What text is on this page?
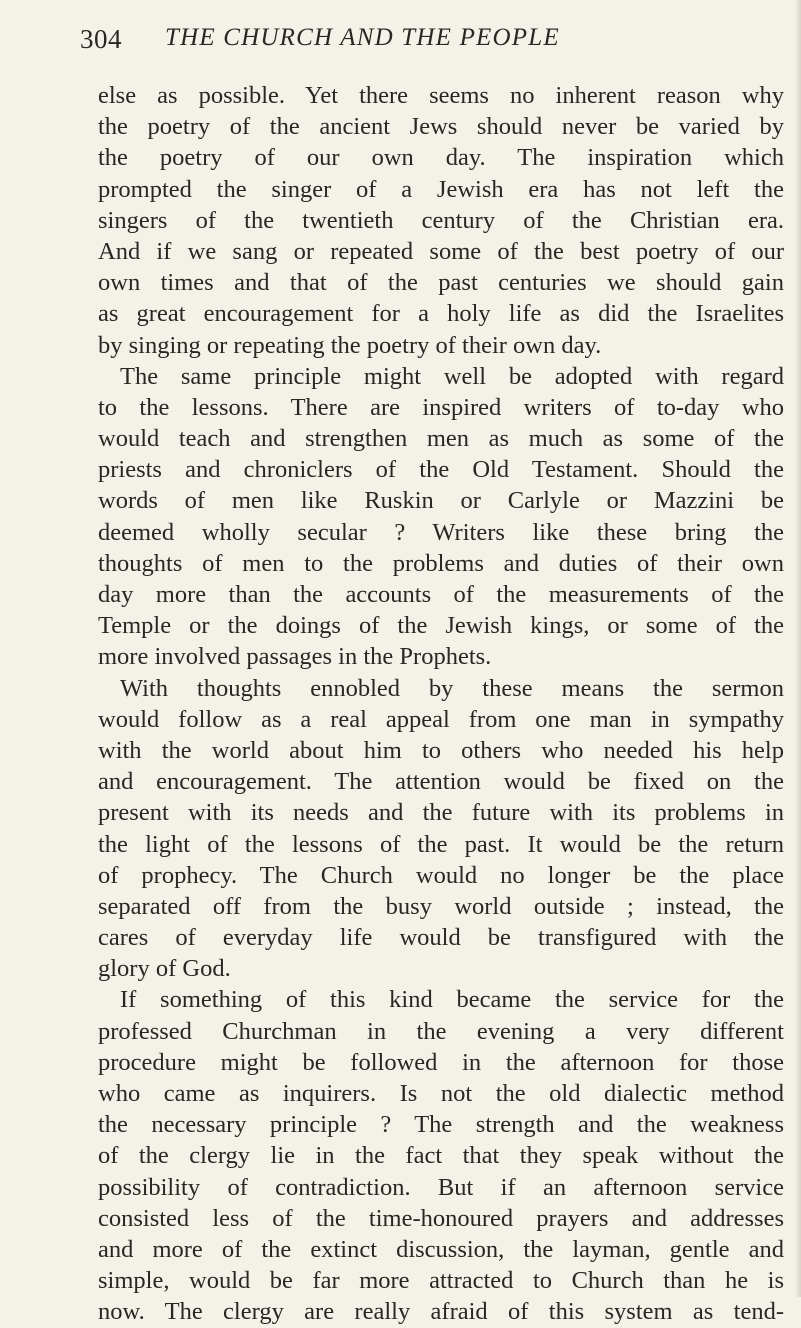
304 THE CHURCH AND THE PEOPLE
else as possible. Yet there seems no inherent reason why
the poetry of the ancient Jews should never be varied by
the poetry of our own day. The inspiration which
prompted the singer of a Jewish era has not left the
singers of the twentieth century of the Christian era.
And if we sang or repeated some of the best poetry of our
own times and that of the past centuries we should gain
as great encouragement for a holy life as did the Israelites
by singing or repeating the poetry of their own day.
The same principle might well be adopted with regard
to the lessons. There are inspired writers of to-day who
would teach and strengthen men as much as some of the
priests and chroniclers of the Old Testament. Should the
words of men like Ruskin or Carlyle or Mazzini be
deemed wholly secular ? Writers like these bring the
thoughts of men to the problems and duties of their own
day more than the accounts of the measurements of the
Temple or the doings of the Jewish kings, or some of the
more involved passages in the Prophets.
With thoughts ennobled by these means the sermon
would follow as a real appeal from one man in sympathy
with the world about him to others who needed his help
and encouragement. The attention would be fixed on the
present with its needs and the future with its problems in
the light of the lessons of the past. It would be the return
of prophecy. The Church would no longer be the place
separated off from the busy world outside ; instead, the
cares of everyday life would be transfigured with the
glory of God.
If something of this kind became the service for the
professed Churchman in the evening a very different
procedure might be followed in the afternoon for those
who came as inquirers. Is not the old dialectic method
the necessary principle ? The strength and the weakness
of the clergy lie in the fact that they speak without the
possibility of contradiction. But if an afternoon service
consisted less of the time-honoured prayers and addresses
and more of the extinct discussion, the layman, gentle and
simple, would be far more attracted to Church than he is
now. The clergy are really afraid of this system as tend-
